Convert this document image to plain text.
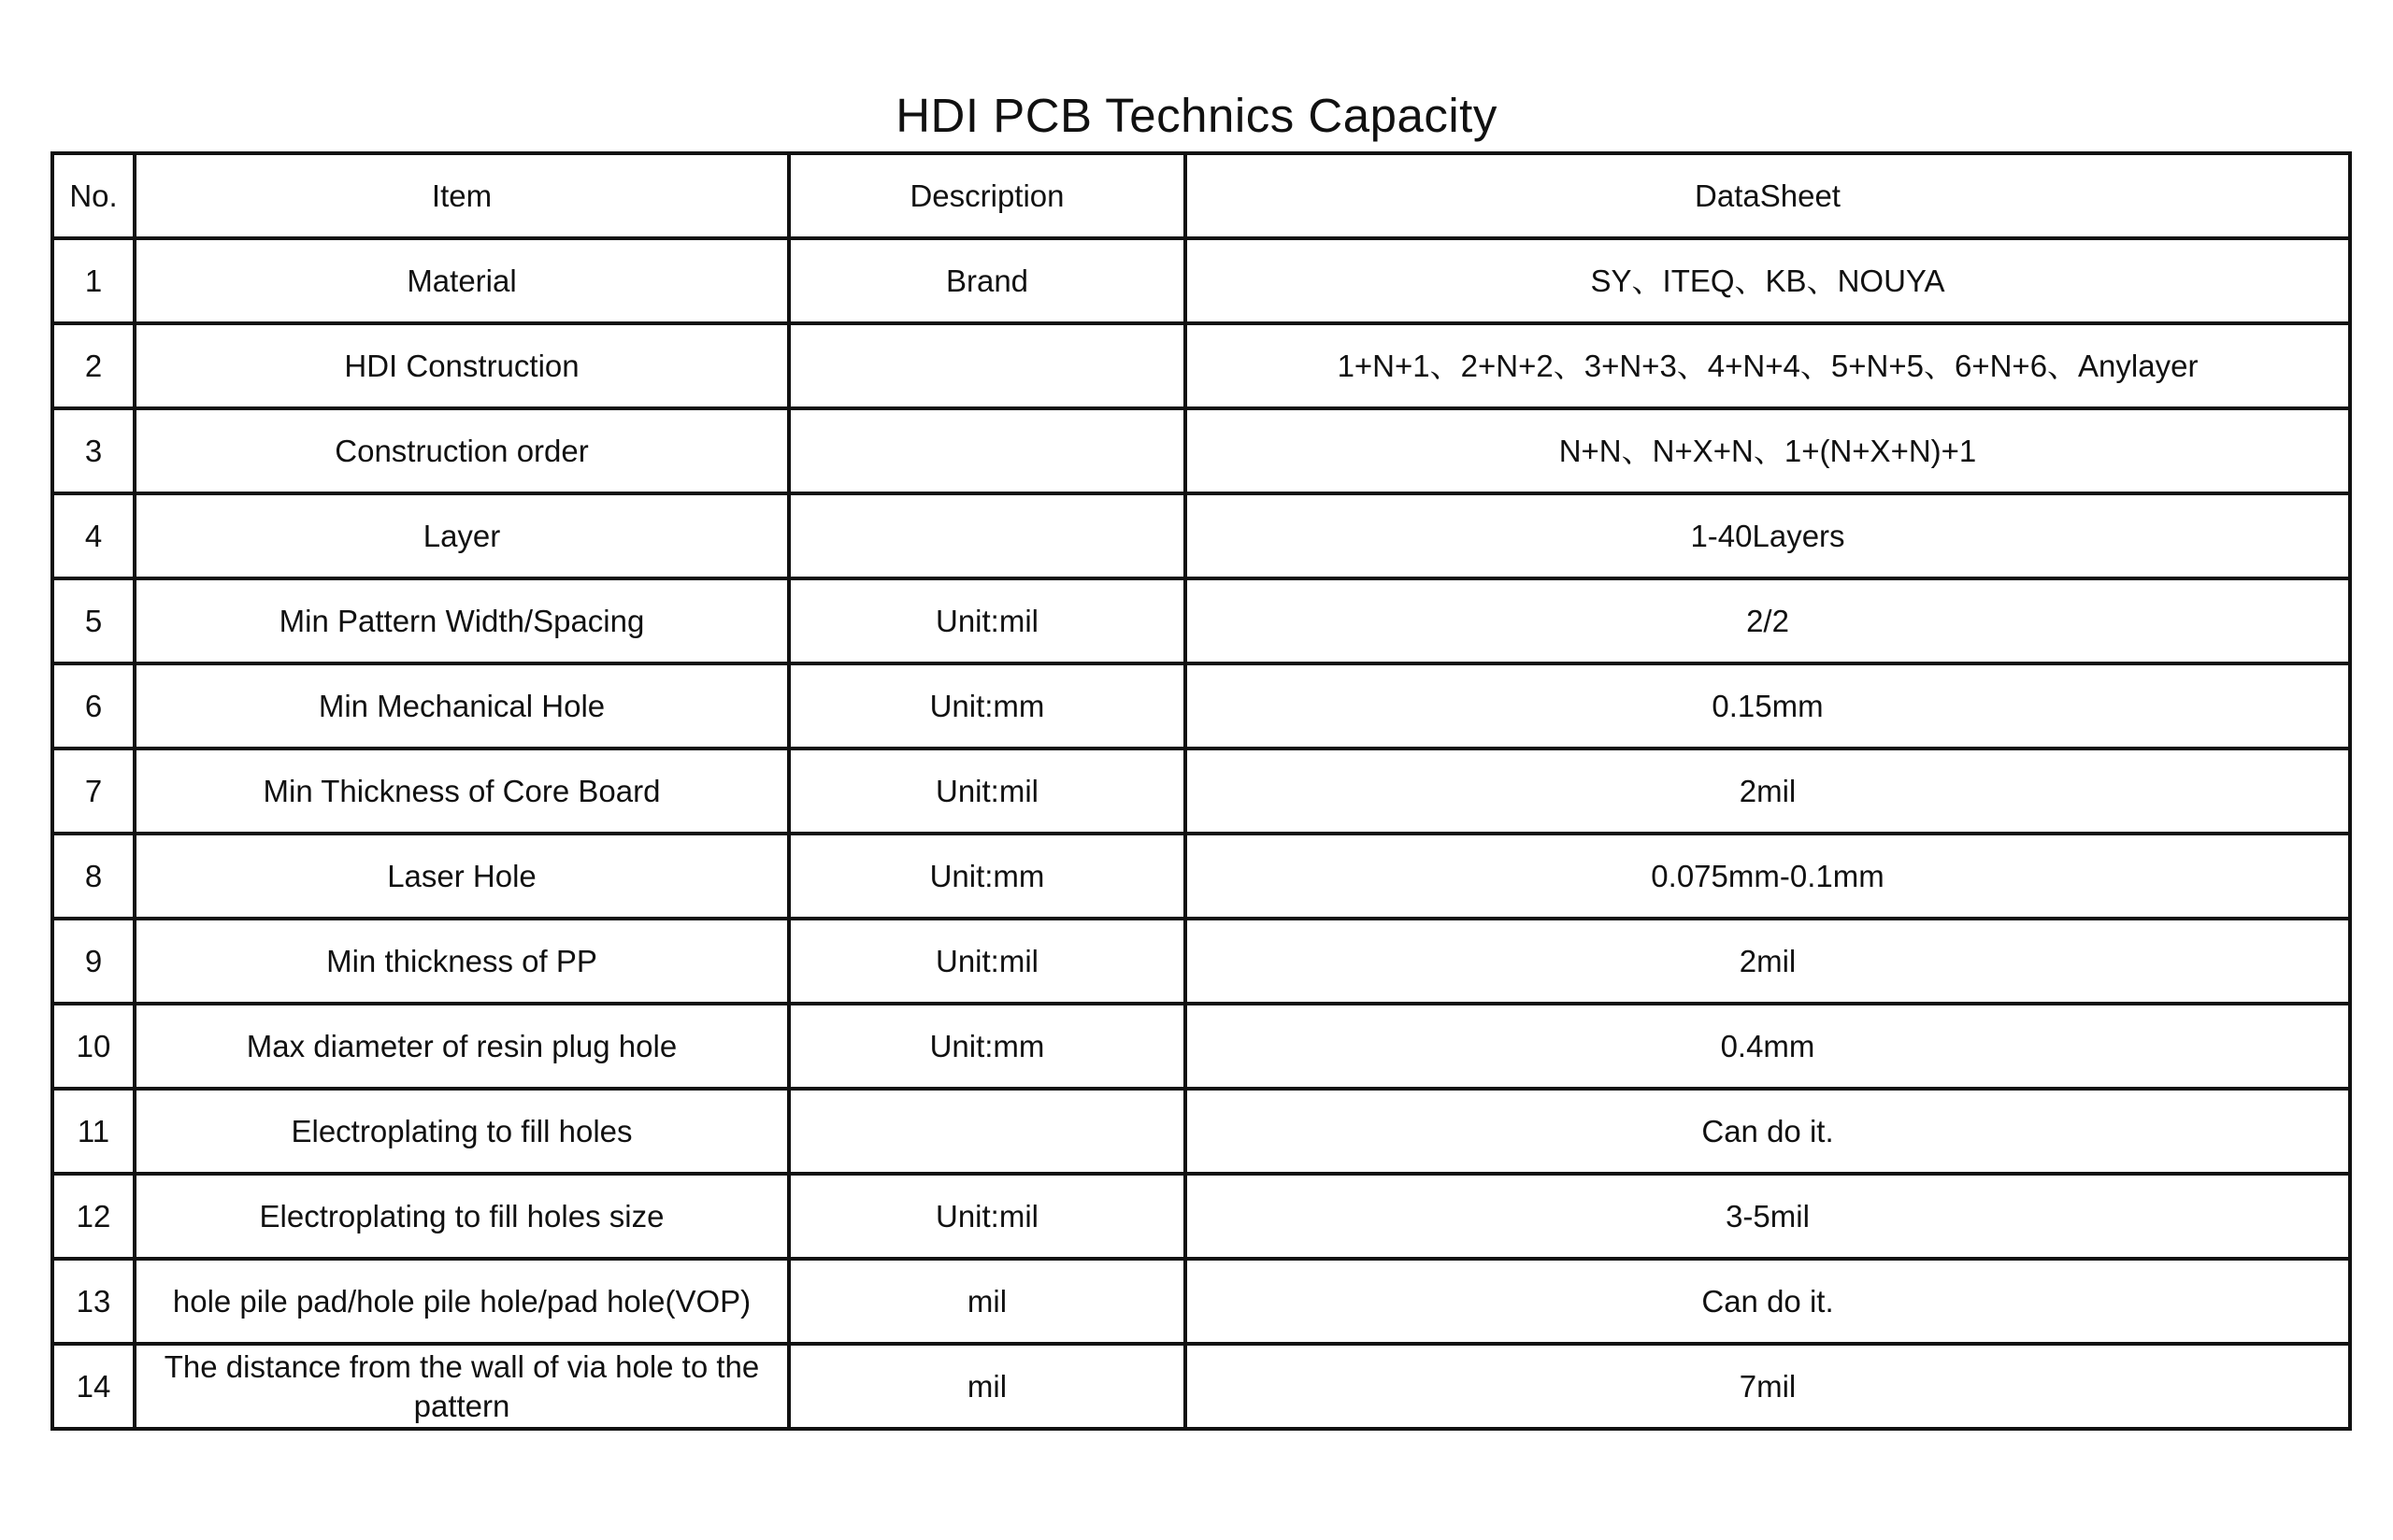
HDI PCB Technics Capacity
No.	Item	Description	DataSheet
1	Material	Brand	SY、ITEQ、KB、NOUYA
2	HDI Construction		1+N+1、2+N+2、3+N+3、4+N+4、5+N+5、6+N+6、Anylayer
3	Construction order		N+N、N+X+N、1+(N+X+N)+1
4	Layer		1-40Layers
5	Min Pattern Width/Spacing	Unit:mil	2/2
6	Min Mechanical Hole	Unit:mm	0.15mm
7	Min Thickness of Core Board	Unit:mil	2mil
8	Laser Hole	Unit:mm	0.075mm-0.1mm
9	Min thickness of PP	Unit:mil	2mil
10	Max diameter of resin plug hole	Unit:mm	0.4mm
11	Electroplating to fill holes		Can do it.
12	Electroplating to fill holes size	Unit:mil	3-5mil
13	hole pile pad/hole pile hole/pad hole(VOP)	mil	Can do it.
14	The distance from the wall of via hole to the pattern	mil	7mil
